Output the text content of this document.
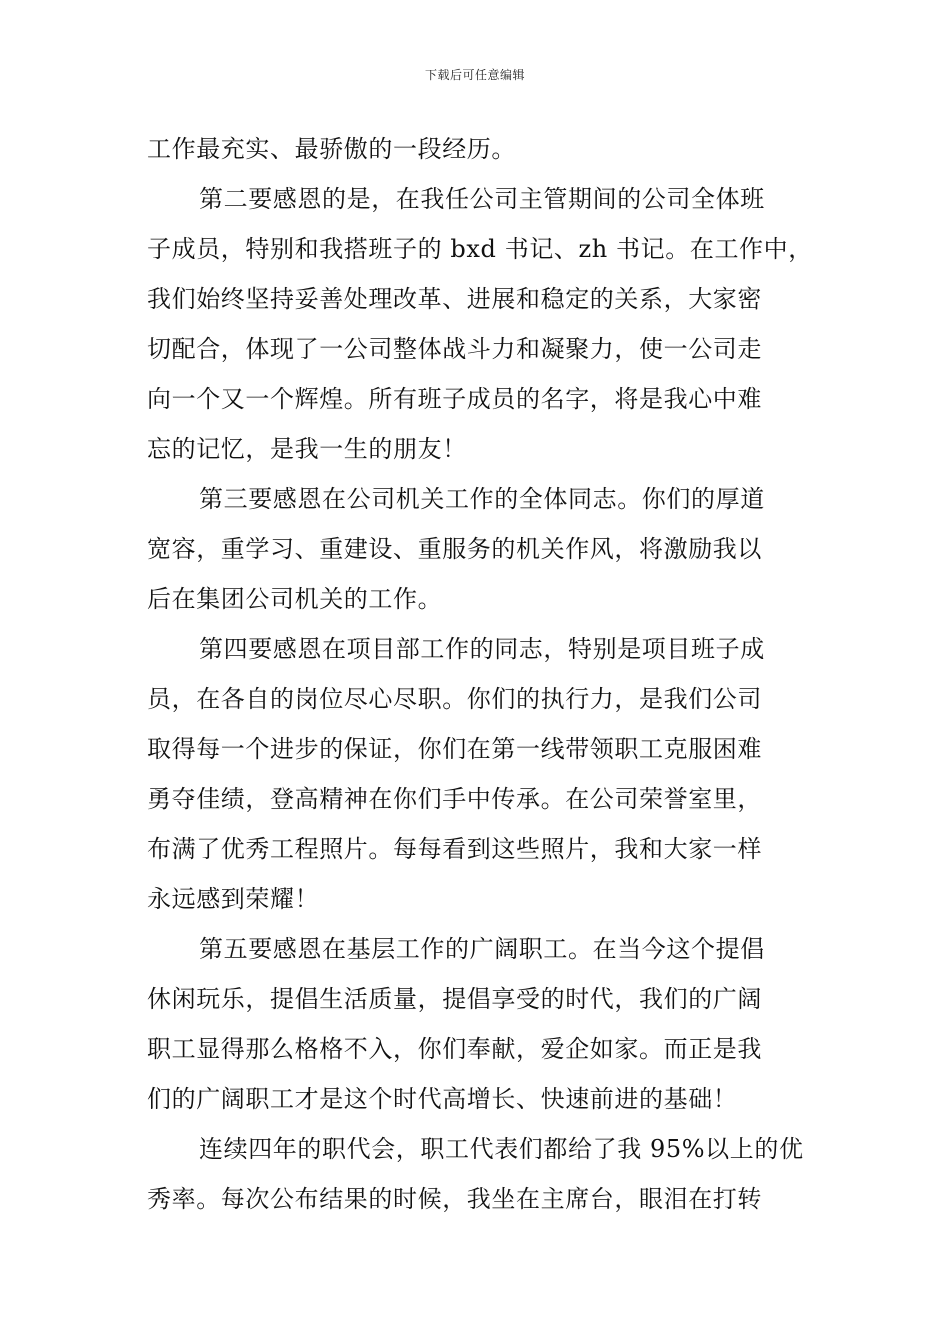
下载后可任意编辑
工作最充实、最骄傲的一段经历。
第二要感恩的是，在我任公司主管期间的公司全体班
子成员，特别和我搭班子的 bxd 书记、zh 书记。在工作中，
我们始终坚持妥善处理改革、进展和稳定的关系，大家密
切配合，体现了一公司整体战斗力和凝聚力，使一公司走
向一个又一个辉煌。所有班子成员的名字，将是我心中难
忘的记忆，是我一生的朋友！
第三要感恩在公司机关工作的全体同志。你们的厚道
宽容，重学习、重建设、重服务的机关作风，将激励我以
后在集团公司机关的工作。
第四要感恩在项目部工作的同志，特别是项目班子成
员，在各自的岗位尽心尽职。你们的执行力，是我们公司
取得每一个进步的保证，你们在第一线带领职工克服困难
勇夺佳绩，登高精神在你们手中传承。在公司荣誉室里，
布满了优秀工程照片。每每看到这些照片，我和大家一样
永远感到荣耀！
第五要感恩在基层工作的广阔职工。在当今这个提倡
休闲玩乐，提倡生活质量，提倡享受的时代，我们的广阔
职工显得那么格格不入，你们奉献，爱企如家。而正是我
们的广阔职工才是这个时代高增长、快速前进的基础！
连续四年的职代会，职工代表们都给了我 95%以上的优
秀率。每次公布结果的时候，我坐在主席台，眼泪在打转
